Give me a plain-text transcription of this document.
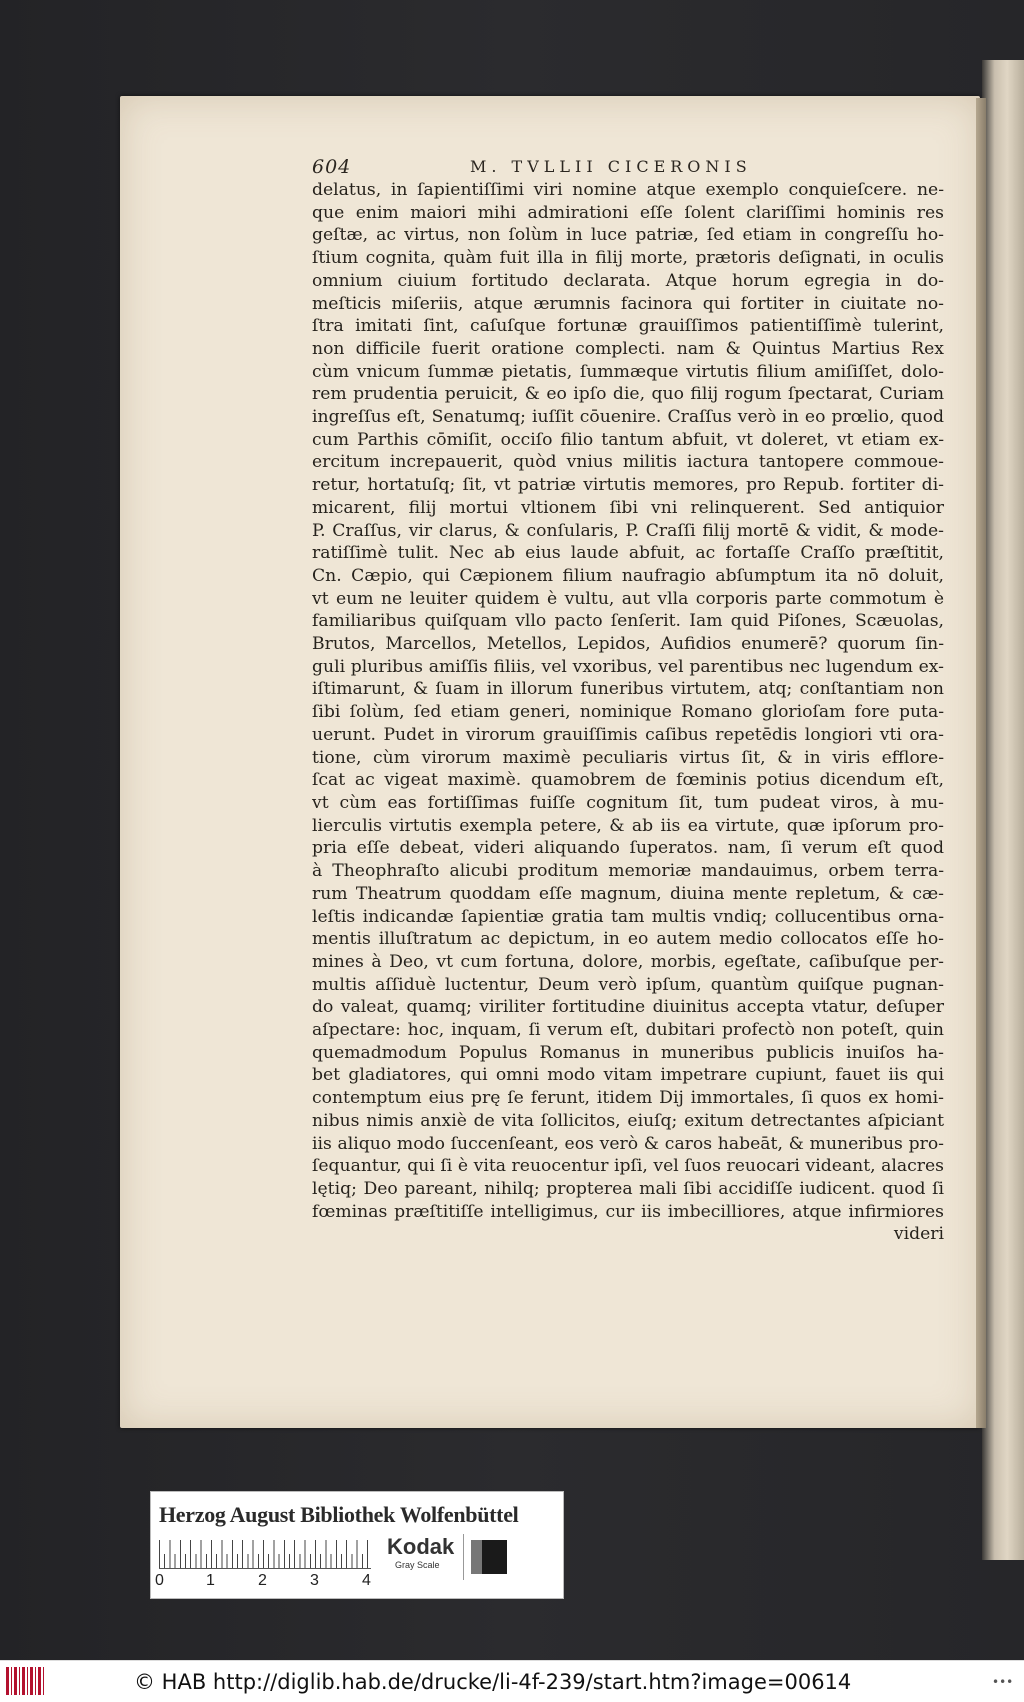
604	M. TVLLII CICERONIS
delatus, in ſapientiſſimi viri nomine atque exemplo conquieſcere. ne-
que enim maiori mihi admirationi eſſe ſolent clariſſimi hominis res
geſtæ, ac virtus, non ſolùm in luce patriæ, ſed etiam in congreſſu ho-
ſtium cognita, quàm fuit illa in filij morte, prætoris deſignati, in oculis
omnium ciuium fortitudo declarata. Atque horum egregia in do-
meſticis miſeriis, atque ærumnis facinora qui fortiter in ciuitate no-
ſtra imitati ſint, caſuſque fortunæ grauiſſimos patientiſſimè tulerint,
non difficile fuerit oratione complecti. nam & Quintus Martius Rex
cùm vnicum ſummæ pietatis, ſummæque virtutis filium amiſiſſet, dolo-
rem prudentia peruicit, & eo ipſo die, quo filij rogum ſpectarat, Curiam
ingreſſus eſt, Senatumq; iuſſit cōuenire. Craſſus verò in eo prœlio, quod
cum Parthis cōmiſit, occiſo filio tantum abfuit, vt doleret, vt etiam ex-
ercitum increpauerit, quòd vnius militis iactura tantopere commoue-
retur, hortatuſq; ſit, vt patriæ virtutis memores, pro Repub. fortiter di-
micarent, filij mortui vltionem ſibi vni relinquerent. Sed antiquior
P. Craſſus, vir clarus, & conſularis, P. Craſſi filij mortē & vidit, & mode-
ratiſſimè tulit. Nec ab eius laude abfuit, ac fortaſſe Craſſo præſtitit,
Cn. Cæpio, qui Cæpionem filium naufragio abſumptum ita nō doluit,
vt eum ne leuiter quidem è vultu, aut vlla corporis parte commotum è
familiaribus quiſquam vllo pacto ſenſerit. Iam quid Piſones, Scæuolas,
Brutos, Marcellos, Metellos, Lepidos, Aufidios enumerē? quorum ſin-
guli pluribus amiſſis filiis, vel vxoribus, vel parentibus nec lugendum ex-
iſtimarunt, & ſuam in illorum funeribus virtutem, atq; conſtantiam non
ſibi ſolùm, ſed etiam generi, nominique Romano glorioſam fore puta-
uerunt. Pudet in virorum grauiſſimis caſibus repetēdis longiori vti ora-
tione, cùm virorum maximè peculiaris virtus ſit, & in viris efflore-
ſcat ac vigeat maximè. quamobrem de fœminis potius dicendum eſt,
vt cùm eas fortiſſimas fuiſſe cognitum ſit, tum pudeat viros, à mu-
lierculis virtutis exempla petere, & ab iis ea virtute, quæ ipſorum pro-
pria eſſe debeat, videri aliquando ſuperatos. nam, ſi verum eſt quod
à Theophraſto alicubi proditum memoriæ mandauimus, orbem terra-
rum Theatrum quoddam eſſe magnum, diuina mente repletum, & cæ-
leſtis indicandæ ſapientiæ gratia tam multis vndiq; collucentibus orna-
mentis illuſtratum ac depictum, in eo autem medio collocatos eſſe ho-
mines à Deo, vt cum fortuna, dolore, morbis, egeſtate, caſibuſque per-
multis aſſiduè luctentur, Deum verò ipſum, quantùm quiſque pugnan-
do valeat, quamq; viriliter fortitudine diuinitus accepta vtatur, deſuper
aſpectare: hoc, inquam, ſi verum eſt, dubitari profectò non poteſt, quin
quemadmodum Populus Romanus in muneribus publicis inuiſos ha-
bet gladiatores, qui omni modo vitam impetrare cupiunt, fauet iis qui
contemptum eius prę ſe ferunt, itidem Dij immortales, ſi quos ex homi-
nibus nimis anxiè de vita ſollicitos, eiuſq; exitum detrectantes aſpiciant
iis aliquo modo ſuccenſeant, eos verò & caros habeāt, & muneribus pro-
ſequantur, qui ſi è vita reuocentur ipſi, vel ſuos reuocari videant, alacres
lętiq; Deo pareant, nihilq; propterea mali ſibi accidiſſe iudicent. quod ſi
fœminas præſtitiſſe intelligimus, cur iis imbecilliores, atque infirmiores
videri
Herzog August Bibliothek Wolfenbüttel
0	1	2	3	4
Kodak
Gray Scale
© HAB http://diglib.hab.de/drucke/li-4f-239/start.htm?image=00614	•••
